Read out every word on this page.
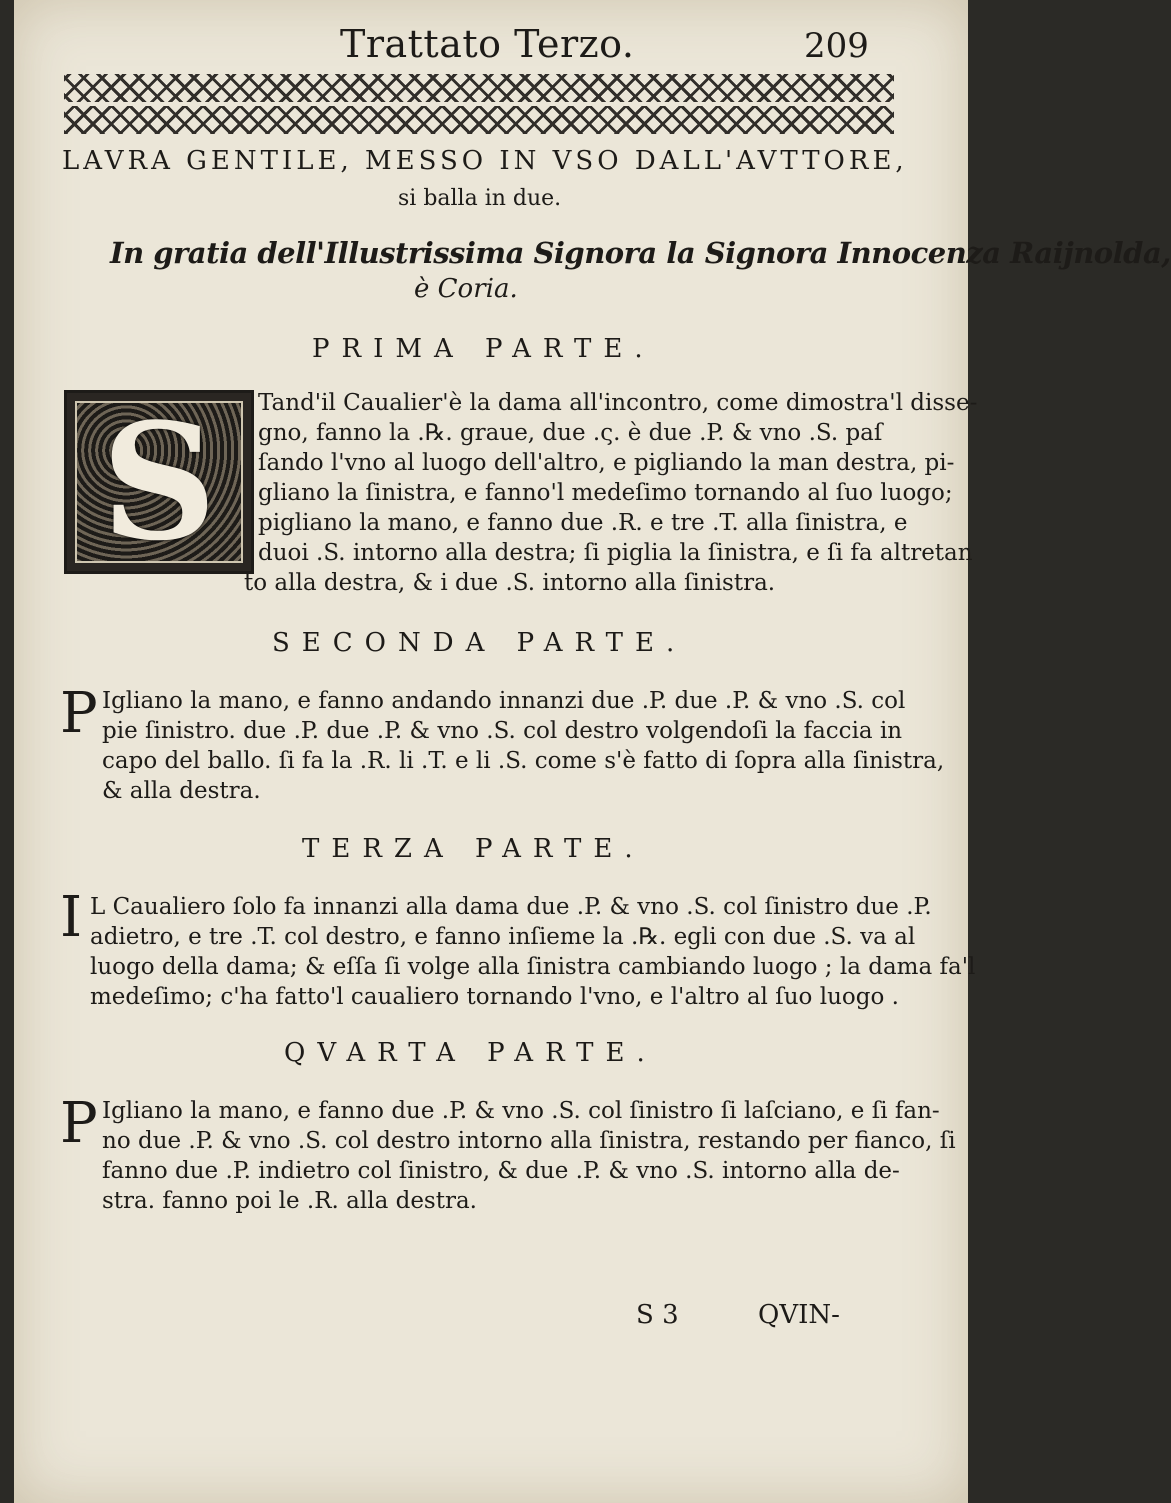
Trattato Terzo.	209
LAVRA GENTILE, MESSO IN VSO DALL'AVTTORE,
si balla in due.
In gratia dell'Illustrissima Signora la Signora Innocenza Raijnolda,
è Coria.
PRIMA PARTE.
S	Tand'il Caualier'è la dama all'incontro, come dimostra'l disse-
gno, fanno la .℞. graue, due .ς. è due .P. & vno .S. paſ
ſando l'vno al luogo dell'altro, e pigliando la man destra, pi-
gliano la ſinistra, e fanno'l medeſimo tornando al ſuo luogo;
pigliano la mano, e fanno due .R. e tre .T. alla ſinistra, e
duoi .S. intorno alla destra; ſi piglia la ſinistra, e ſi fa altretan
to alla destra, & i due .S. intorno alla ſinistra.
SECONDA PARTE.
P Igliano la mano, e fanno andando innanzi due .P. due .P. & vno .S. col
pie ſinistro. due .P. due .P. & vno .S. col destro volgendoſi la faccia in
capo del ballo. ſi fa la .R. li .T. e li .S. come s'è fatto di ſopra alla ſinistra,
& alla destra.
TERZA PARTE.
I L Caualiero ſolo fa innanzi alla dama due .P. & vno .S. col ſinistro due .P.
adietro, e tre .T. col destro, e fanno inſieme la .℞. egli con due .S. va al
luogo della dama; & eſſa ſi volge alla ſinistra cambiando luogo ; la dama fa'l
medeſimo; c'ha fatto'l caualiero tornando l'vno, e l'altro al ſuo luogo .
QVARTA PARTE.
P Igliano la mano, e fanno due .P. & vno .S. col ſinistro ſi laſciano, e ſi fan-
no due .P. & vno .S. col destro intorno alla ſinistra, restando per fianco, ſi
fanno due .P. indietro col ſinistro, & due .P. & vno .S. intorno alla de-
stra. fanno poi le .R. alla destra.
S 3	QVIN-
